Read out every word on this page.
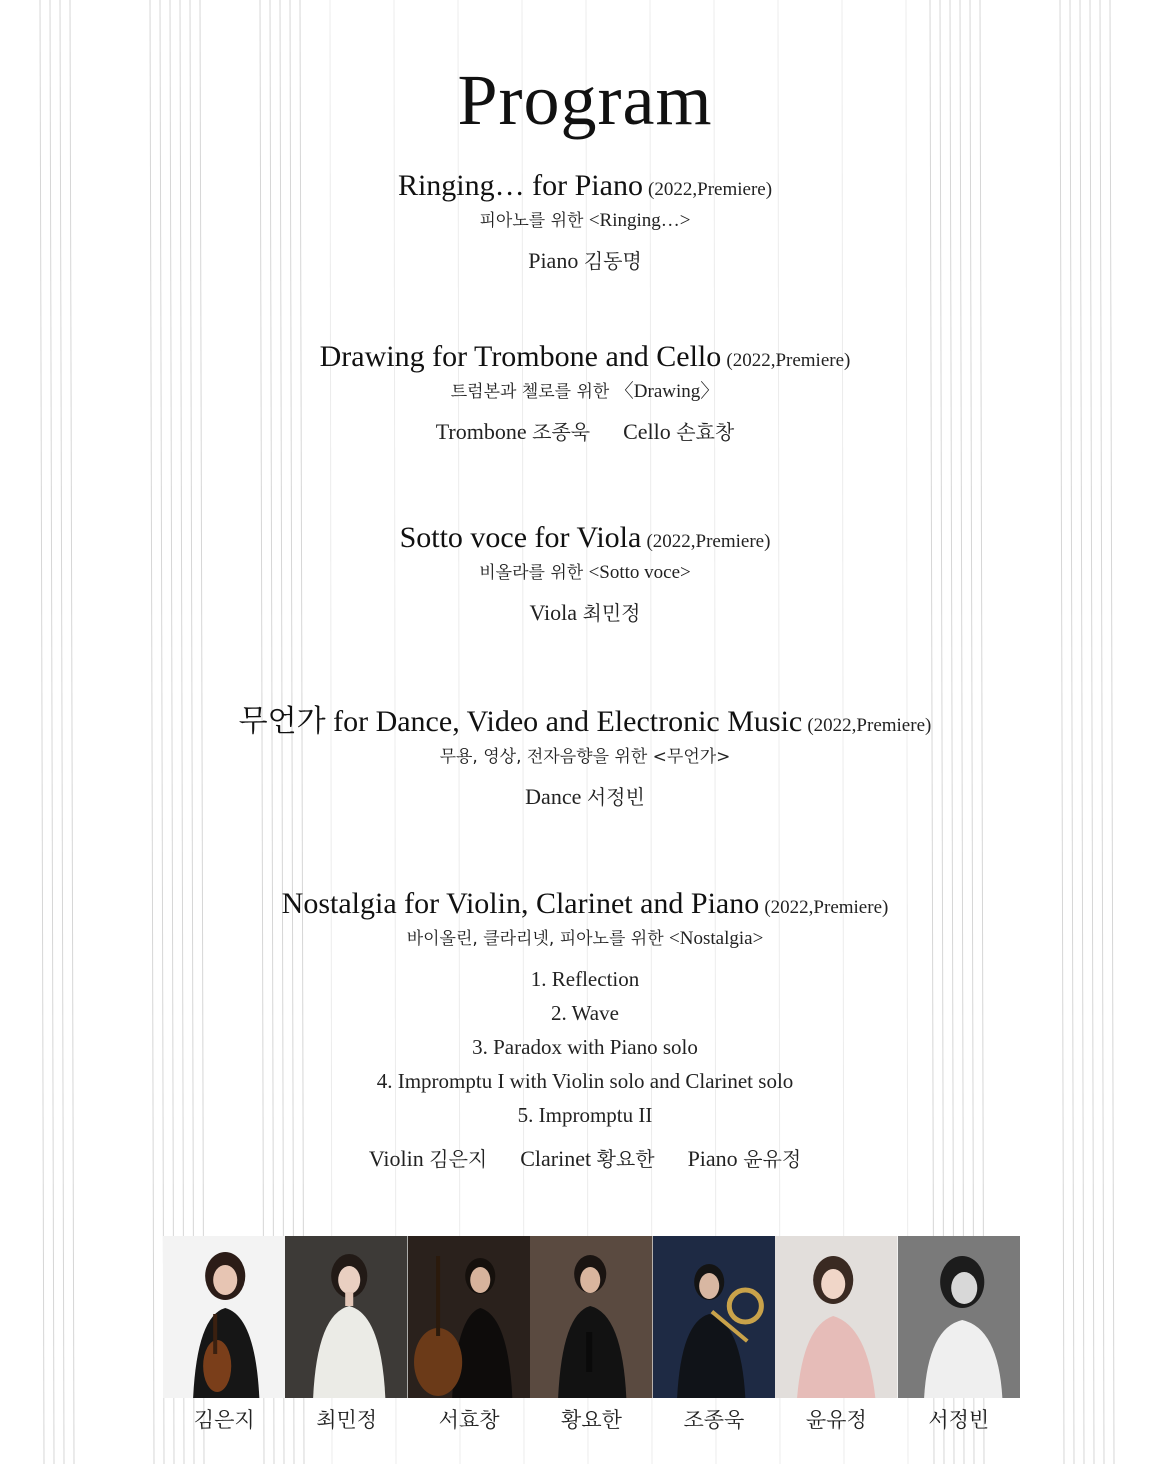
Program
Ringing… for Piano (2022,Premiere)
피아노를 위한 <Ringing…>
Piano 김동명
Drawing for Trombone and Cello (2022,Premiere)
트럼본과 첼로를 위한 〈Drawing〉
Trombone 조종욱 Cello 손효창
Sotto voce for Viola (2022,Premiere)
비올라를 위한 <Sotto voce>
Viola 최민정
무언가 for Dance, Video and Electronic Music (2022,Premiere)
무용, 영상, 전자음향을 위한 <무언가>
Dance 서정빈
Nostalgia for Violin, Clarinet and Piano (2022,Premiere)
바이올린, 클라리넷, 피아노를 위한 <Nostalgia>
1. Reflection
2. Wave
3. Paradox with Piano solo
4. Impromptu I with Violin solo and Clarinet solo
5. Impromptu II
Violin 김은지 Clarinet 황요한 Piano 윤유정
김은지	최민정	서효창	황요한	조종욱	윤유정	서정빈
